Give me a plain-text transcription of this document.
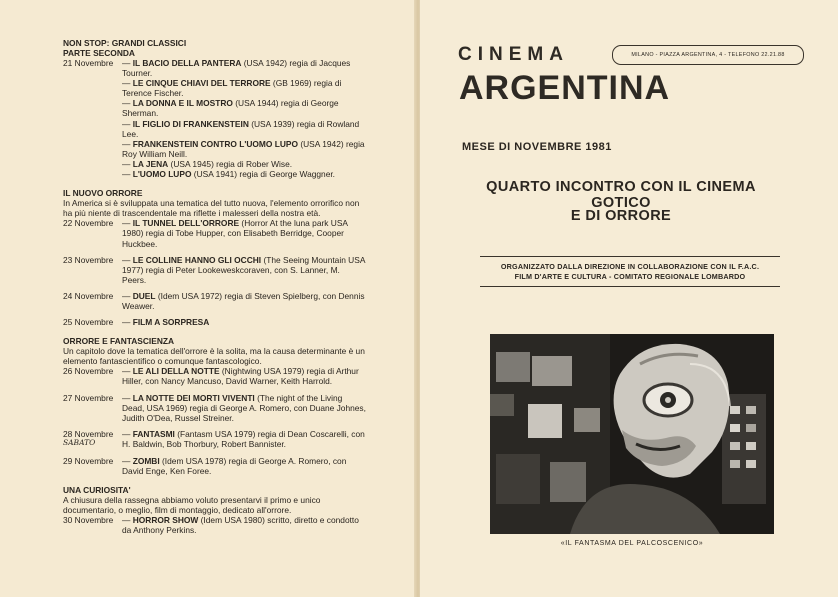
NON STOP: GRANDI CLASSICI

PARTE SECONDA

21 Novembre	— IL BACIO DELLA PANTERA (USA 1942) regia di Jacques Tourner.

— LE CINQUE CHIAVI DEL TERRORE (GB 1969) regia di Terence Fischer.

— LA DONNA E IL MOSTRO (USA 1944) regia di George Sherman.

— IL FIGLIO DI FRANKENSTEIN (USA 1939) regia di Rowland Lee.

— FRANKENSTEIN CONTRO L'UOMO LUPO (USA 1942) regia Roy William Neill.

— LA JENA (USA 1945) regia di Rober Wise.

— L'UOMO LUPO (USA 1941) regia di George Waggner.

IL NUOVO ORRORE

In America si è sviluppata una tematica del tutto nuova, l'elemento orrorifico non ha più niente di trascendentale ma riflette i malesseri della nostra età.

22 Novembre	— IL TUNNEL DELL'ORRORE (Horror At the luna park USA 1980) regia di Tobe Hupper, con Elisabeth Berridge, Cooper Huckbee.

23 Novembre	— LE COLLINE HANNO GLI OCCHI (The Seeing Mountain USA 1977) regia di Peter Lookeweskcoraven, con S. Lanner, M. Peers.

24 Novembre	— DUEL (Idem USA 1972) regia di Steven Spielberg, con Dennis Weawer.

25 Novembre	— FILM A SORPRESA

ORRORE E FANTASCIENZA

Un capitolo dove la tematica dell'orrore è la solita, ma la causa determinante è un elemento fantascientifico o comunque fantascologico.

26 Novembre	— LE ALI DELLA NOTTE (Nightwing USA 1979) regia di Arthur Hiller, con Nancy Mancuso, David Warner, Keith Harrold.

27 Novembre	— LA NOTTE DEI MORTI VIVENTI (The night of the Living Dead, USA 1969) regia di George A. Romero, con Duane Johnes, Judith O'Dea, Russel Streiner.

28 Novembre
SABATO

— FANTASMI (Fantasm USA 1979) regia di Dean Coscarelli, con H. Baldwin, Bob Thorbury, Robert Bannister.

29 Novembre	— ZOMBI (Idem USA 1978) regia di George A. Romero, con David Enge, Ken Foree.

UNA CURIOSITA'

A chiusura della rassegna abbiamo voluto presentarvi il primo e unico documentario, o meglio, film di montaggio, dedicato all'orrore.

30 Novembre	— HORROR SHOW (Idem USA 1980) scritto, diretto e condotto da Anthony Perkins.

CINEMA
ARGENTINA
MILANO - PIAZZA ARGENTINA, 4 - TELEFONO 22.21.88
MESE DI NOVEMBRE 1981
QUARTO INCONTRO CON IL CINEMA GOTICO
E DI ORRORE
ORGANIZZATO DALLA DIREZIONE IN COLLABORAZIONE CON IL F.A.C.
FILM D'ARTE E CULTURA - COMITATO REGIONALE LOMBARDO
«IL FANTASMA DEL PALCOSCENICO»
